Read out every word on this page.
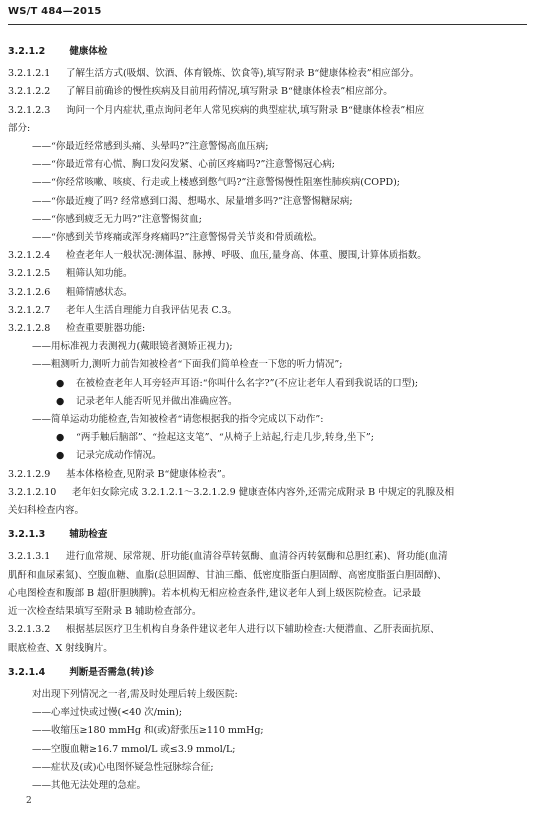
WS/T 484—2015
3.2.1.2	健康体检
3.2.1.2.1 了解生活方式(吸烟、饮酒、体育锻炼、饮食等),填写附录 B“健康体检表”相应部分。
3.2.1.2.2 了解目前确诊的慢性疾病及目前用药情况,填写附录 B“健康体检表”相应部分。
3.2.1.2.3 询问一个月内症状,重点询问老年人常见疾病的典型症状,填写附录 B“健康体检表”相应
部分:
——“你最近经常感到头痛、头晕吗?”注意警惕高血压病;
——“你最近常有心慌、胸口发闷发紧、心前区疼痛吗?”注意警惕冠心病;
——“你经常咳嗽、咳痰、行走或上楼感到憋气吗?”注意警惕慢性阻塞性肺疾病(COPD);
——“你最近瘦了吗? 经常感到口渴、想喝水、尿量增多吗?”注意警惕糖尿病;
——“你感到疲乏无力吗?”注意警惕贫血;
——“你感到关节疼痛或浑身疼痛吗?”注意警惕骨关节炎和骨质疏松。
3.2.1.2.4 检查老年人一般状况:测体温、脉搏、呼吸、血压,量身高、体重、腰围,计算体质指数。
3.2.1.2.5 粗筛认知功能。
3.2.1.2.6 粗筛情感状态。
3.2.1.2.7 老年人生活自理能力自我评估见表 C.3。
3.2.1.2.8 检查重要脏器功能:
——用标准视力表测视力(戴眼镜者测矫正视力);
——粗测听力,测听力前告知被检者“下面我们简单检查一下您的听力情况”;
● 在被检查老年人耳旁轻声耳语:“你叫什么名字?”(不应让老年人看到我说话的口型);
● 记录老年人能否听见并做出准确应答。
——简单运动功能检查,告知被检者“请您根据我的指令完成以下动作”:
● “两手触后脑部”、“捡起这支笔”、“从椅子上站起,行走几步,转身,坐下”;
● 记录完成动作情况。
3.2.1.2.9 基本体格检查,见附录 B“健康体检表”。
3.2.1.2.10 老年妇女除完成 3.2.1.2.1～3.2.1.2.9 健康查体内容外,还需完成附录 B 中规定的乳腺及相
关妇科检查内容。
3.2.1.3	辅助检查
3.2.1.3.1 进行血常规、尿常规、肝功能(血清谷草转氨酶、血清谷丙转氨酶和总胆红素)、肾功能(血清
肌酐和血尿素氮)、空腹血糖、血脂(总胆固醇、甘油三酯、低密度脂蛋白胆固醇、高密度脂蛋白胆固醇)、
心电图检查和腹部 B 超(肝胆胰脾)。若本机构无相应检查条件,建议老年人到上级医院检查。记录最
近一次检查结果填写至附录 B 辅助检查部分。
3.2.1.3.2 根据基层医疗卫生机构自身条件建议老年人进行以下辅助检查:大便潜血、乙肝表面抗原、
眼底检查、X 射线胸片。
3.2.1.4	判断是否需急(转)诊
对出现下列情况之一者,需及时处理后转上级医院:
——心率过快或过慢(<40 次/min);
——收缩压≥180 mmHg 和(或)舒张压≥110 mmHg;
——空腹血糖≥16.7 mmol/L 或≤3.9 mmol/L;
——症状及(或)心电图怀疑急性冠脉综合征;
——其他无法处理的急症。
2
